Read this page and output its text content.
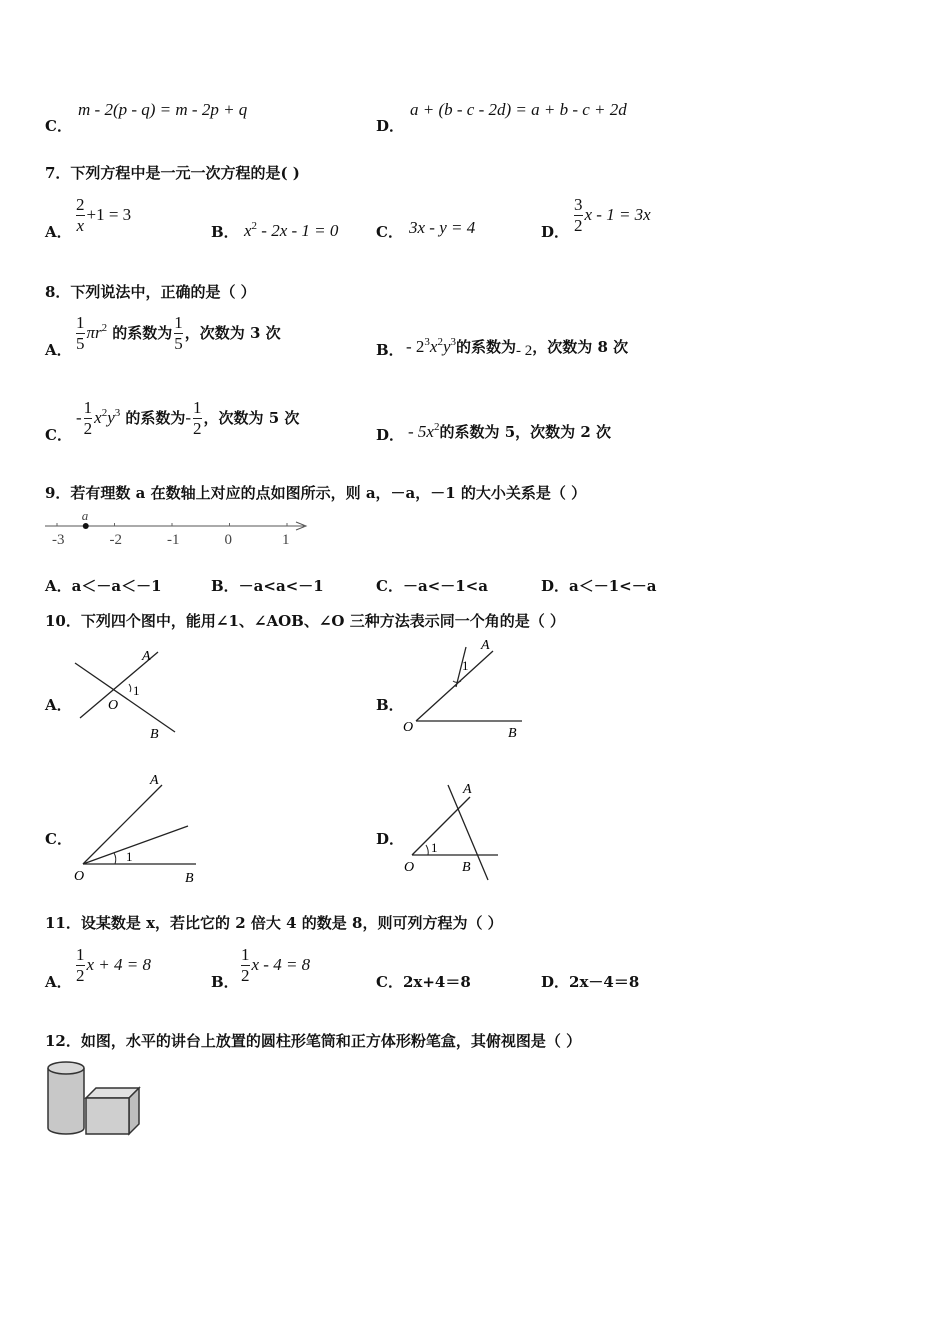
C．
m - 2(p - q) = m - 2p + q
D．
a + (b - c - 2d) = a + b - c + 2d
7．下列方程中是一元一次方程的是( )
A． $\frac{2}{x} +1 = 3$
B． $x^2 - 2x - 1 = 0$	C． 3x - y = 4	D． $\frac{3}{2}$ x - 1 = 3x
8．下列说法中，正确的是（ ）
A． $\frac{1}{5} \pi r^2$ 的系数为 $\frac{1}{5}$ ，次数为 3 次
B． - $2^3x^2y^3$的系数为- 2，次数为 8 次
C．
- $\frac{1}{2} x^2y^3$ 的系数为- $\frac{1}{2}$ ，次数为 5 次
D． - $5x^2$的系数为 5，次数为 2 次
9．若有理数 a 在数轴上对应的点如图所示，则 a，－a，－1 的大小关系是（ ）
-3	-2	-1	0	1
a
A．a＜－a＜－1	B．－a<a<－1	C．－a<－1<a	D．a＜－1<－a
10．下列四个图中，能用∠1、∠AOB、∠O 三种方法表示同一个角的是（ ）
A．
A
O
1
B
B．
A
1
O	B
C．
A
1
O	B
D．
A
1
O	B
11．设某数是 x，若比它的 2 倍大 4 的数是 8，则可列方程为（ ）
A． $\frac{1}{2}$ x + 4 = 8
B． $\frac{1}{2}$ x - 4 = 8
C．2x+4＝8	D．2x－4＝8
12．如图，水平的讲台上放置的圆柱形笔筒和正方体形粉笔盒，其俯视图是（ ）
